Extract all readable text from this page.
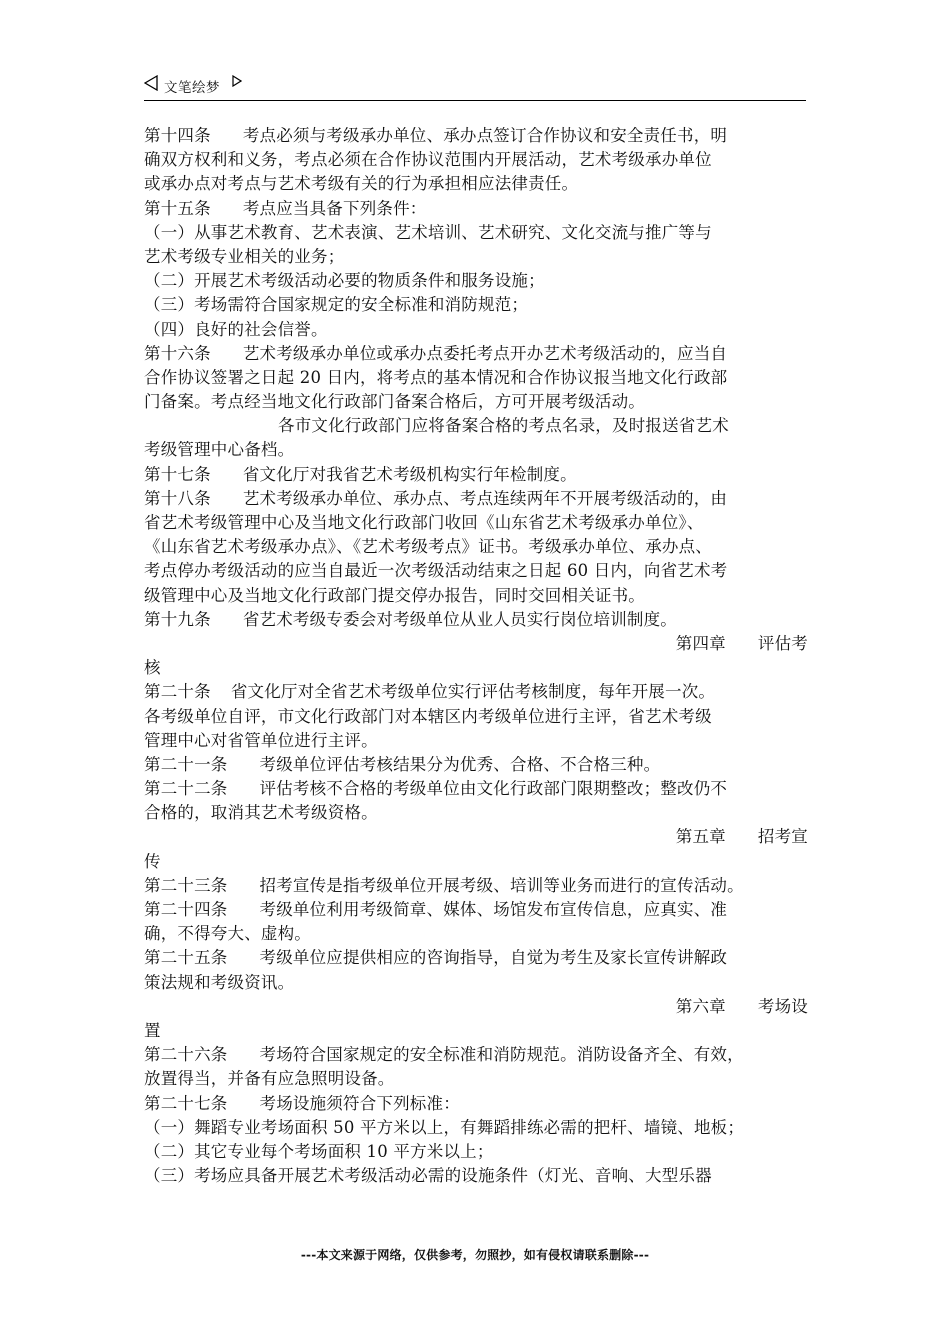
文笔绘梦
第十四条 考点必须与考级承办单位、承办点签订合作协议和安全责任书，明
确双方权利和义务，考点必须在合作协议范围内开展活动，艺术考级承办单位
或承办点对考点与艺术考级有关的行为承担相应法律责任。
第十五条 考点应当具备下列条件：
（一）从事艺术教育、艺术表演、艺术培训、艺术研究、文化交流与推广等与
艺术考级专业相关的业务；
（二）开展艺术考级活动必要的物质条件和服务设施；
（三）考场需符合国家规定的安全标准和消防规范；
（四）良好的社会信誉。
第十六条 艺术考级承办单位或承办点委托考点开办艺术考级活动的，应当自
合作协议签署之日起 20 日内，将考点的基本情况和合作协议报当地文化行政部
门备案。考点经当地文化行政部门备案合格后，方可开展考级活动。
各市文化行政部门应将备案合格的考点名录，及时报送省艺术
考级管理中心备档。
第十七条 省文化厅对我省艺术考级机构实行年检制度。
第十八条 艺术考级承办单位、承办点、考点连续两年不开展考级活动的，由
省艺术考级管理中心及当地文化行政部门收回《山东省艺术考级承办单位》、
《山东省艺术考级承办点》、《艺术考级考点》证书。考级承办单位、承办点、
考点停办考级活动的应当自最近一次考级活动结束之日起 60 日内，向省艺术考
级管理中心及当地文化行政部门提交停办报告，同时交回相关证书。
第十九条 省艺术考级专委会对考级单位从业人员实行岗位培训制度。
第四章 评估考
核
第二十条 省文化厅对全省艺术考级单位实行评估考核制度，每年开展一次。
各考级单位自评，市文化行政部门对本辖区内考级单位进行主评，省艺术考级
管理中心对省管单位进行主评。
第二十一条 考级单位评估考核结果分为优秀、合格、不合格三种。
第二十二条 评估考核不合格的考级单位由文化行政部门限期整改；整改仍不
合格的，取消其艺术考级资格。
第五章 招考宣
传
第二十三条 招考宣传是指考级单位开展考级、培训等业务而进行的宣传活动。
第二十四条 考级单位利用考级简章、媒体、场馆发布宣传信息，应真实、准
确，不得夸大、虚构。
第二十五条 考级单位应提供相应的咨询指导，自觉为考生及家长宣传讲解政
策法规和考级资讯。
第六章 考场设
置
第二十六条 考场符合国家规定的安全标准和消防规范。消防设备齐全、有效，
放置得当，并备有应急照明设备。
第二十七条 考场设施须符合下列标准：
（一）舞蹈专业考场面积 50 平方米以上，有舞蹈排练必需的把杆、墙镜、地板；
（二）其它专业每个考场面积 10 平方米以上；
（三）考场应具备开展艺术考级活动必需的设施条件（灯光、音响、大型乐器
---本文来源于网络，仅供参考，勿照抄，如有侵权请联系删除---
